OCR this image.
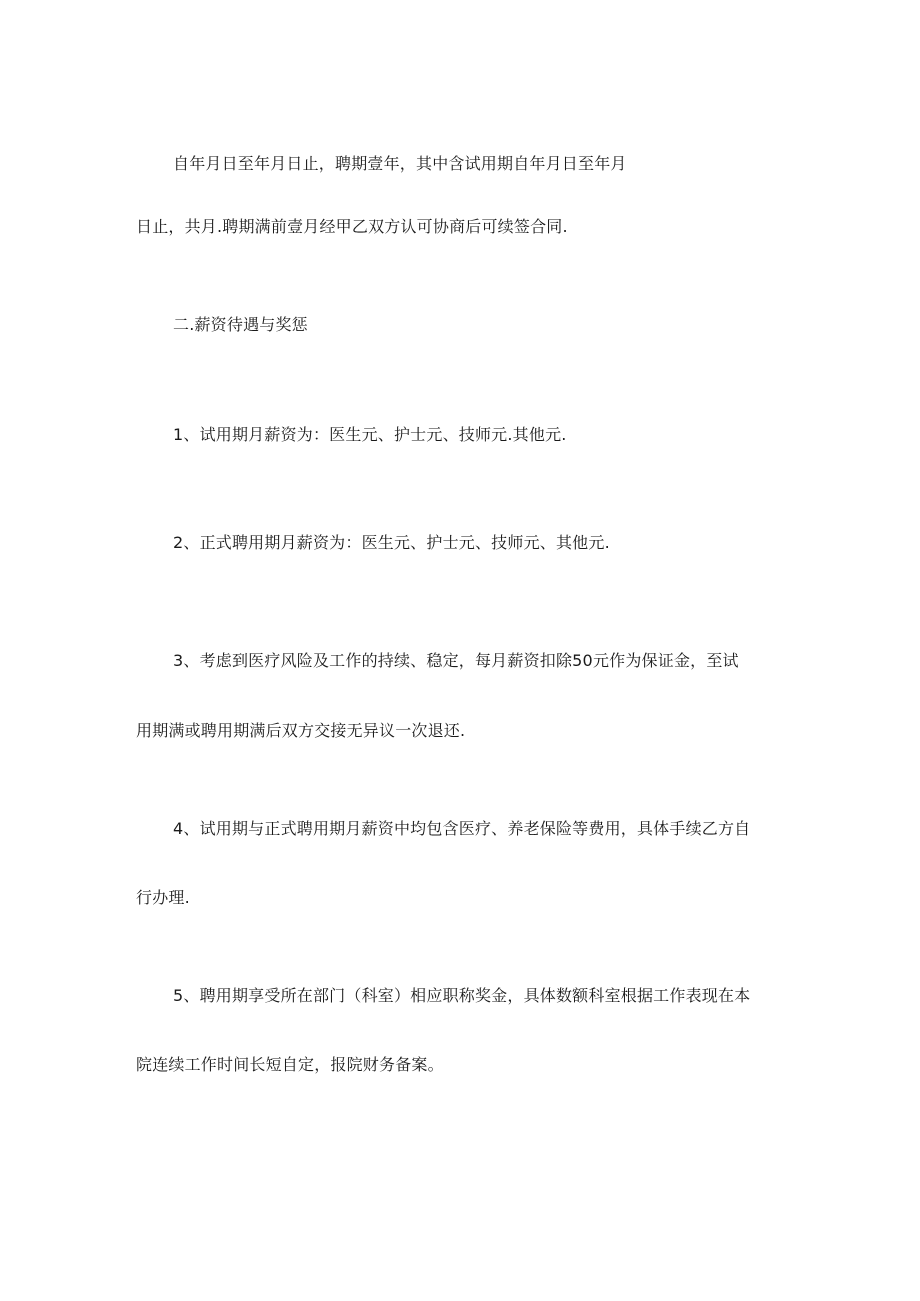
自年月日至年月日止，聘期壹年，其中含试用期自年月日至年月
日止，共月.聘期满前壹月经甲乙双方认可协商后可续签合同.
二.薪资待遇与奖惩
1、试用期月薪资为：医生元、护士元、技师元.其他元.
2、正式聘用期月薪资为：医生元、护士元、技师元、其他元.
3、考虑到医疗风险及工作的持续、稳定，每月薪资扣除50元作为保证金，至试
用期满或聘用期满后双方交接无异议一次退还.
4、试用期与正式聘用期月薪资中均包含医疗、养老保险等费用，具体手续乙方自
行办理.
5、聘用期享受所在部门（科室）相应职称奖金，具体数额科室根据工作表现在本
院连续工作时间长短自定，报院财务备案。
